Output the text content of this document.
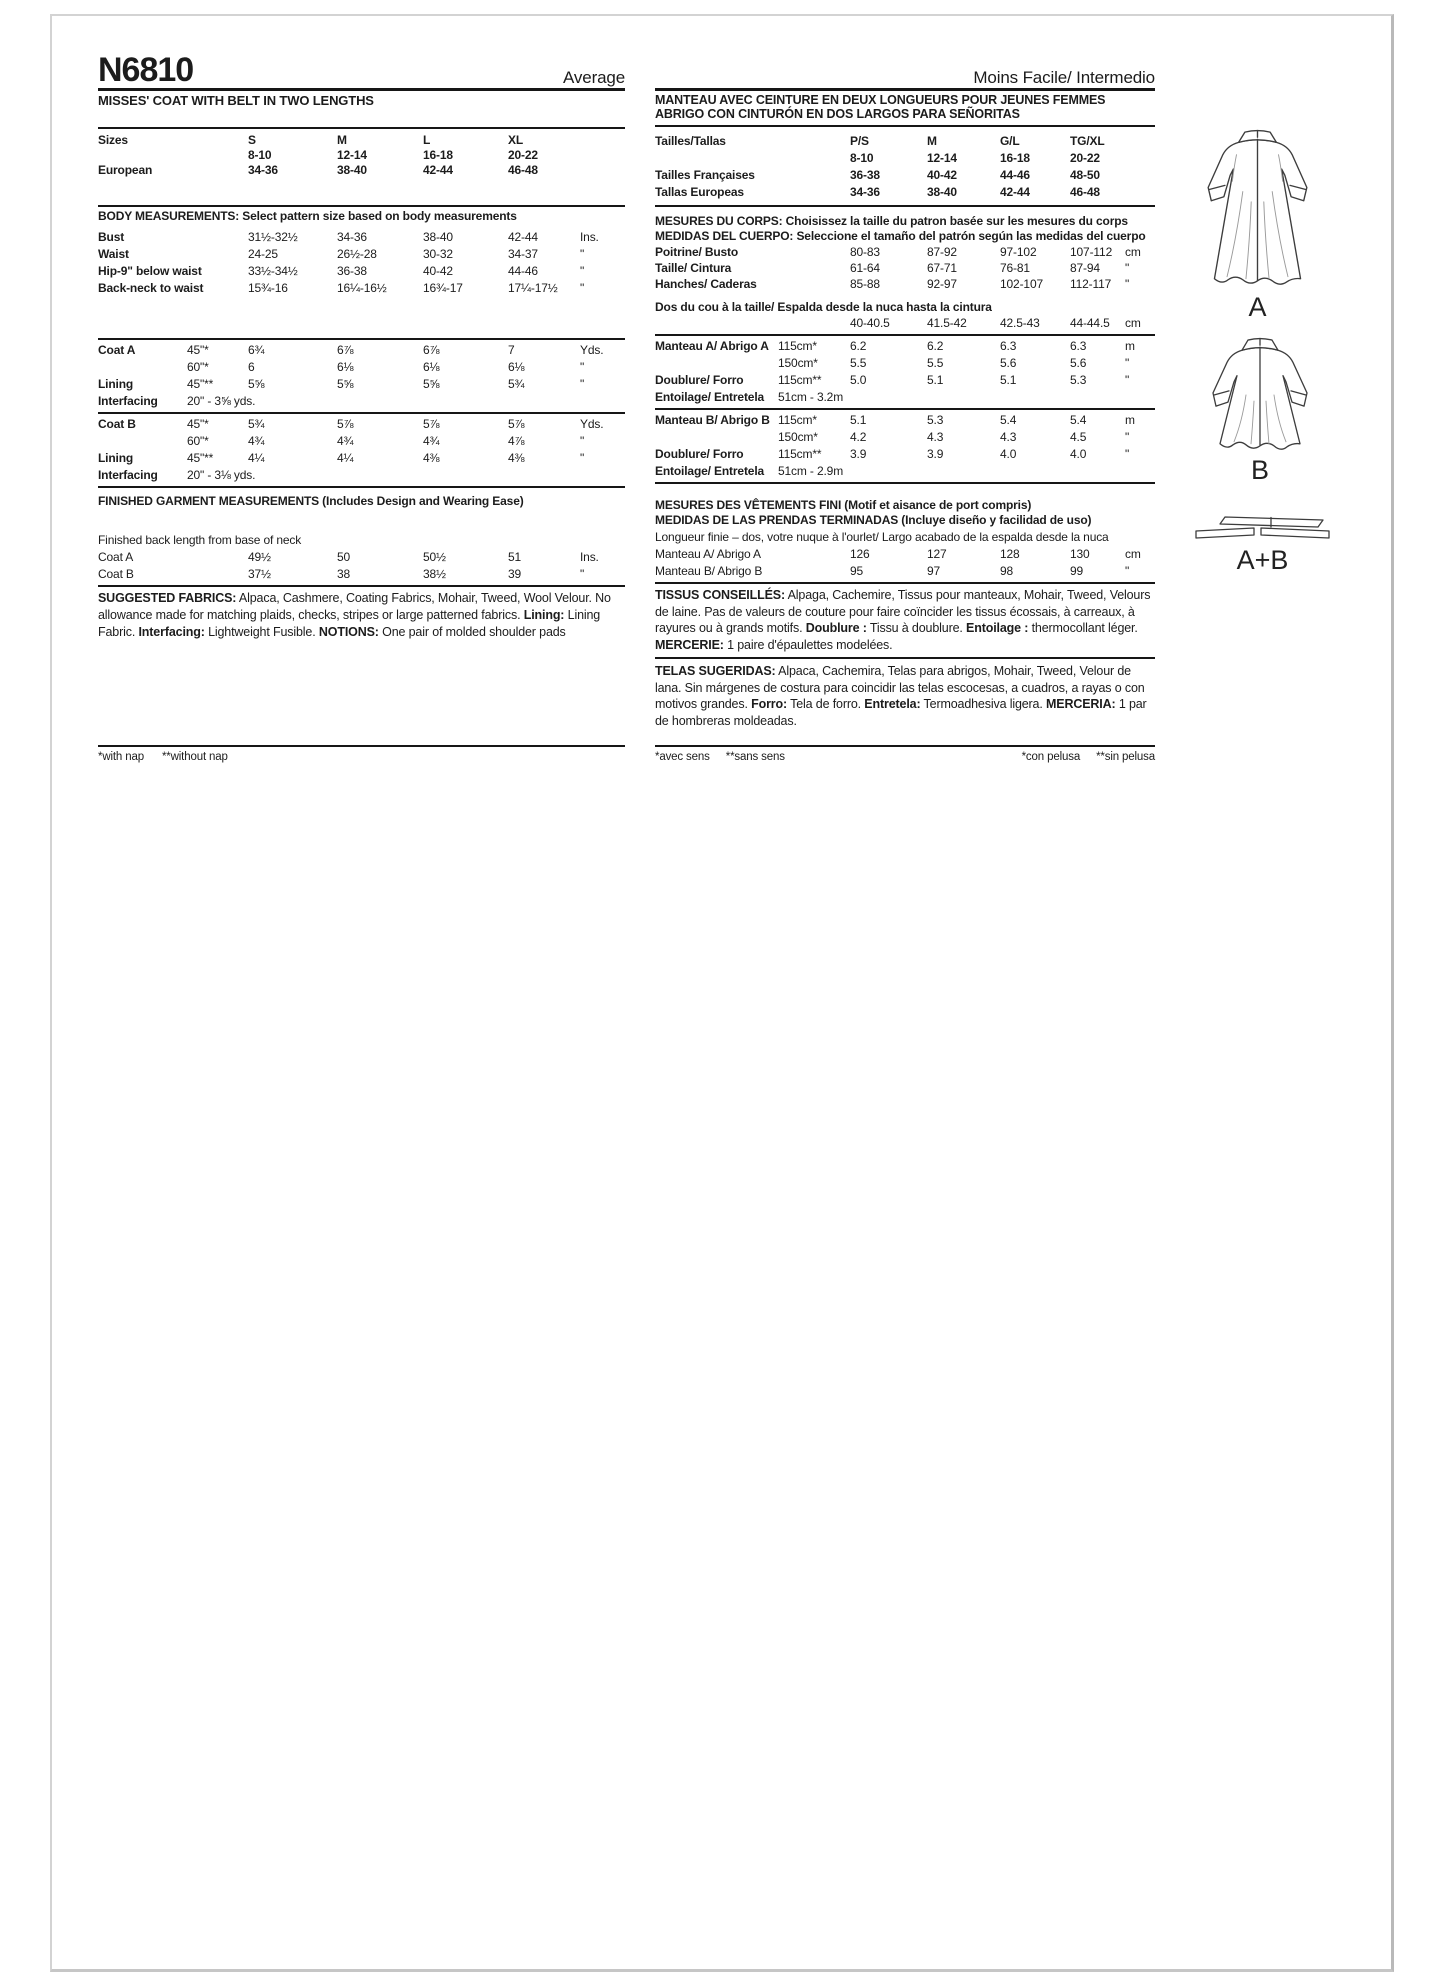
N6810	Average
MISSES' COAT WITH BELT IN TWO LENGTHS
Sizes	S	M	L	XL
8-10	12-14	16-18	20-22
European	34-36	38-40	42-44	46-48
BODY MEASUREMENTS: Select pattern size based on body measurements
Bust	31½-32½	34-36	38-40	42-44	Ins.
Waist	24-25	26½-28	30-32	34-37	"
Hip-9" below waist	33½-34½	36-38	40-42	44-46	"
Back-neck to waist	15¾-16	16¼-16½	16¾-17	17¼-17½	"
Coat A	45"*	6¾	6⅞	6⅞	7	Yds.
60"*	6	6⅛	6⅛	6⅛	"
Lining	45"**	5⅝	5⅝	5⅝	5¾	"
Interfacing	20" - 3⅝ yds.
Coat B	45"*	5¾	5⅞	5⅞	5⅞	Yds.
60"*	4¾	4¾	4¾	4⅞	"
Lining	45"**	4¼	4¼	4⅜	4⅜	"
Interfacing	20" - 3⅛ yds.
FINISHED GARMENT MEASUREMENTS (Includes Design and Wearing Ease)
Finished back length from base of neck
Coat A	49½	50	50½	51	Ins.
Coat B	37½	38	38½	39	"
SUGGESTED FABRICS: Alpaca, Cashmere, Coating Fabrics, Mohair, Tweed, Wool Velour. No allowance made for matching plaids, checks, stripes or large patterned fabrics. Lining: Lining Fabric. Interfacing: Lightweight Fusible. NOTIONS: One pair of molded shoulder pads
Moins Facile/ Intermedio
MANTEAU AVEC CEINTURE EN DEUX LONGUEURS POUR JEUNES FEMMES
ABRIGO CON CINTURÓN EN DOS LARGOS PARA SEÑORITAS
Tailles/Tallas	P/S	M	G/L	TG/XL
8-10	12-14	16-18	20-22
Tailles Françaises	36-38	40-42	44-46	48-50
Tallas Europeas	34-36	38-40	42-44	46-48
MESURES DU CORPS: Choisissez la taille du patron basée sur les mesures du corps
MEDIDAS DEL CUERPO: Seleccione el tamaño del patrón según las medidas del cuerpo
Poitrine/ Busto	80-83	87-92	97-102	107-112	cm
Taille/ Cintura	61-64	67-71	76-81	87-94	"
Hanches/ Caderas	85-88	92-97	102-107	112-117	"
Dos du cou à la taille/ Espalda desde la nuca hasta la cintura
40-40.5	41.5-42	42.5-43	44-44.5	cm
Manteau A/ Abrigo A 115cm*	6.2	6.2	6.3	6.3	m
150cm*	5.5	5.5	5.6	5.6	"
Doublure/ Forro	115cm**	5.0	5.1	5.1	5.3	"
Entoilage/ Entretela	51cm - 3.2m
Manteau B/ Abrigo B 115cm*	5.1	5.3	5.4	5.4	m
150cm*	4.2	4.3	4.3	4.5	"
Doublure/ Forro	115cm**	3.9	3.9	4.0	4.0	"
Entoilage/ Entretela	51cm - 2.9m
MESURES DES VÊTEMENTS FINI (Motif et aisance de port compris)
MEDIDAS DE LAS PRENDAS TERMINADAS (Incluye diseño y facilidad de uso)
Longueur finie – dos, votre nuque à l'ourlet/ Largo acabado de la espalda desde la nuca
Manteau A/ Abrigo A	126	127	128	130	cm
Manteau B/ Abrigo B	95	97	98	99	"
TISSUS CONSEILLÉS: Alpaga, Cachemire, Tissus pour manteaux, Mohair, Tweed, Velours de laine. Pas de valeurs de couture pour faire coïncider les tissus écossais, à carreaux, à rayures ou à grands motifs. Doublure : Tissu à doublure. Entoilage : thermocollant léger. MERCERIE: 1 paire d'épaulettes modelées.
TELAS SUGERIDAS: Alpaca, Cachemira, Telas para abrigos, Mohair, Tweed, Velour de lana. Sin márgenes de costura para coincidir las telas escocesas, a cuadros, a rayas o con motivos grandes. Forro: Tela de forro. Entretela: Termoadhesiva ligera. MERCERIA: 1 par de hombreras moldeadas.
*with nap **without nap	*avec sens **sans sens	*con pelusa **sin pelusa
A
B
A+B
